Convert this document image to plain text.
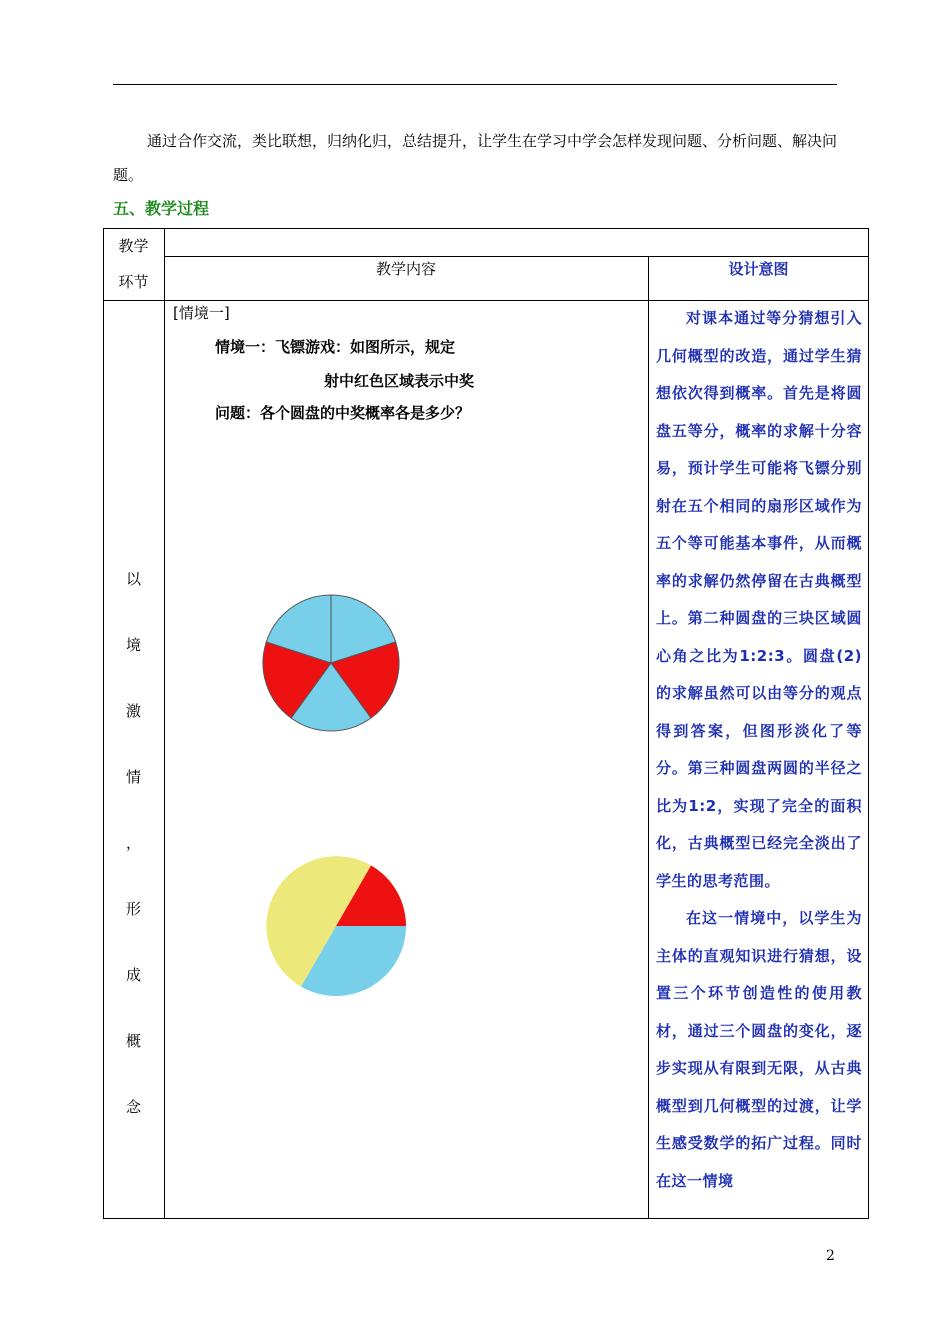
通过合作交流，类比联想，归纳化归，总结提升，让学生在学习中学会怎样发现问题、分析问题、解决问题。
五、教学过程
教学
环节
教学内容	设计意图
以
境
激
情
，
形
成
概
念
[情境一]
情境一：飞镖游戏：如图所示，规定
射中红色区域表示中奖
问题：各个圆盘的中奖概率各是多少？

对课本通过等分猜想引入几何概型的改造，通过学生猜想依次得到概率。首先是将圆盘五等分，概率的求解十分容易，预计学生可能将飞镖分别射在五个相同的扇形区域作为五个等可能基本事件，从而概率的求解仍然停留在古典概型上。第二种圆盘的三块区域圆心角之比为1:2:3。圆盘(2)的求解虽然可以由等分的观点得到答案，但图形淡化了等分。第三种圆盘两圆的半径之比为1:2，实现了完全的面积化，古典概型已经完全淡出了学生的思考范围。

在这一情境中，以学生为主体的直观知识进行猜想，设置三个环节创造性的使用教材，通过三个圆盘的变化，逐步实现从有限到无限，从古典概型到几何概型的过渡，让学生感受数学的拓广过程。同时在这一情境

2
